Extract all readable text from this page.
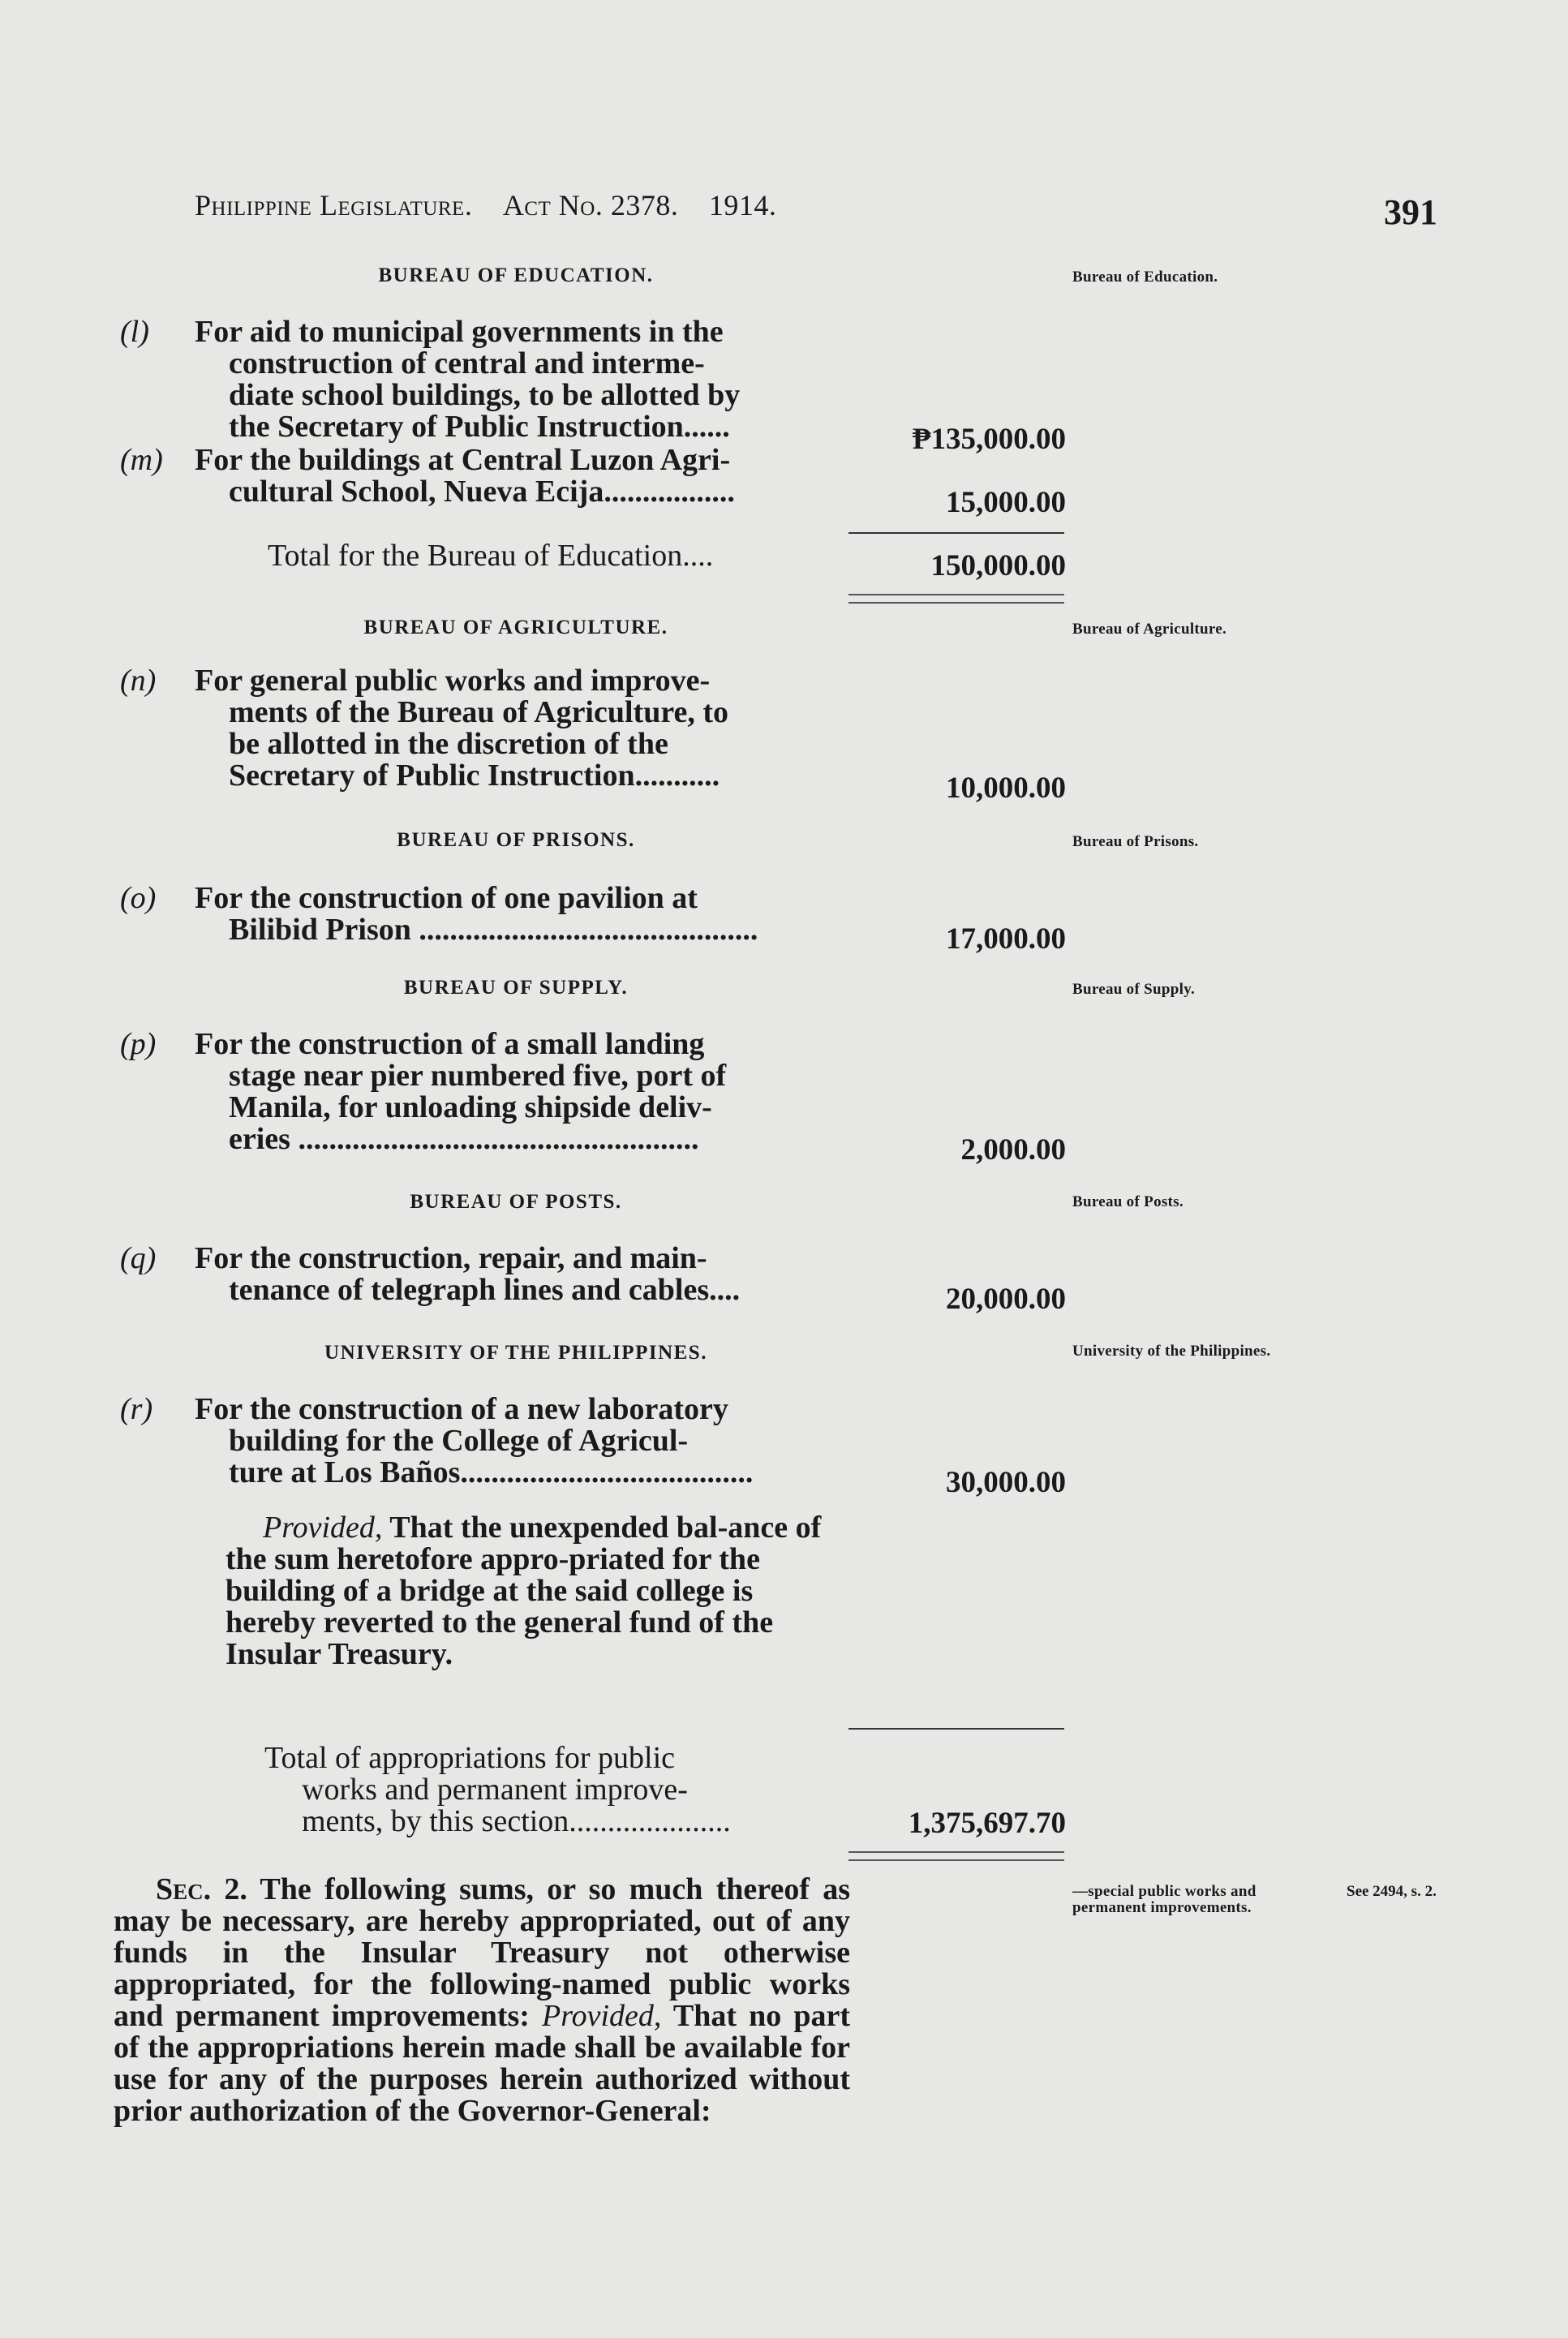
Philippine Legislature. Act No. 2378. 1914.	391
BUREAU OF EDUCATION.	Bureau of Education.
(l) For aid to municipal governments in the
construction of central and interme-
diate school buildings, to be allotted by
the Secretary of Public Instruction......	₱135,000.00
(m) For the buildings at Central Luzon Agri-
cultural School, Nueva Ecija.................	15,000.00
Total for the Bureau of Education....	150,000.00
BUREAU OF AGRICULTURE.	Bureau of Agriculture.
(n) For general public works and improve-
ments of the Bureau of Agriculture, to
be allotted in the discretion of the
Secretary of Public Instruction...........	10,000.00
BUREAU OF PRISONS.	Bureau of Prisons.
(o) For the construction of one pavilion at
Bilibid Prison ............................................	17,000.00
BUREAU OF SUPPLY.	Bureau of Supply.
(p) For the construction of a small landing
stage near pier numbered five, port of
Manila, for unloading shipside deliv-
eries ....................................................	2,000.00
BUREAU OF POSTS.	Bureau of Posts.
(q) For the construction, repair, and main-
tenance of telegraph lines and cables....	20,000.00
UNIVERSITY OF THE PHILIPPINES.	University of the Philippines.
(r) For the construction of a new laboratory
building for the College of Agricul-
ture at Los Baños......................................	30,000.00
Provided, That the unexpended bal-ance of the sum heretofore appro-priated for the building of a bridge at the said college is hereby reverted to the general fund of the Insular Treasury.
Total of appropriations for public
works and permanent improve-
ments, by this section.....................	1,375,697.70
Sec. 2. The following sums, or so much thereof as may be necessary, are hereby appropriated, out of any funds in the Insular Treasury not otherwise appropriated, for the following-named public works and permanent improvements: Provided, That no part of the appropriations herein made shall be available for use for any of the purposes herein authorized without prior authorization of the Governor-General:
—special public works and permanent improvements.
See 2494, s. 2.
